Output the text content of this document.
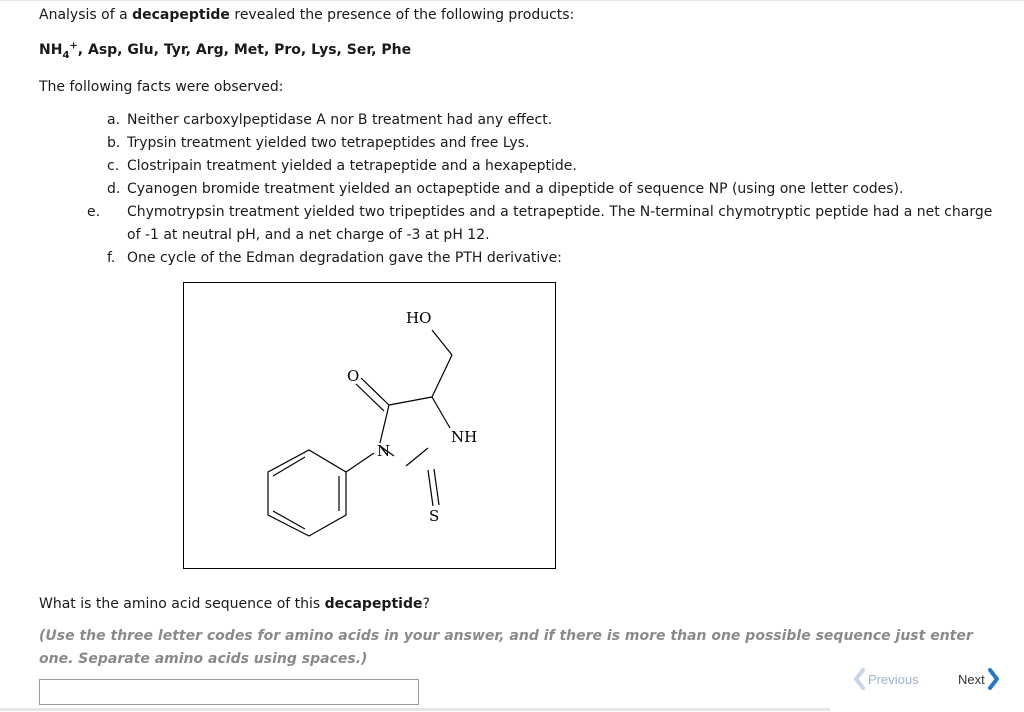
Analysis of a decapeptide revealed the presence of the following products:
$NH_4^+$, Asp, Glu, Tyr, Arg, Met, Pro, Lys, Ser, Phe
The following facts were observed:
a. Neither carboxylpeptidase A nor B treatment had any effect.
b. Trypsin treatment yielded two tetrapeptides and free Lys.
c. Clostripain treatment yielded a tetrapeptide and a hexapeptide.
d. Cyanogen bromide treatment yielded an octapeptide and a dipeptide of sequence NP (using one letter codes).
e. Chymotrypsin treatment yielded two tripeptides and a tetrapeptide. The N-terminal chymotryptic peptide had a net charge of -1 at neutral pH, and a net charge of -3 at pH 12.
f. One cycle of the Edman degradation gave the PTH derivative:
HO
O
N
NH
S
What is the amino acid sequence of this decapeptide?
(Use the three letter codes for amino acids in your answer, and if there is more than one possible sequence just enter one. Separate amino acids using spaces.)
Previous	Next
